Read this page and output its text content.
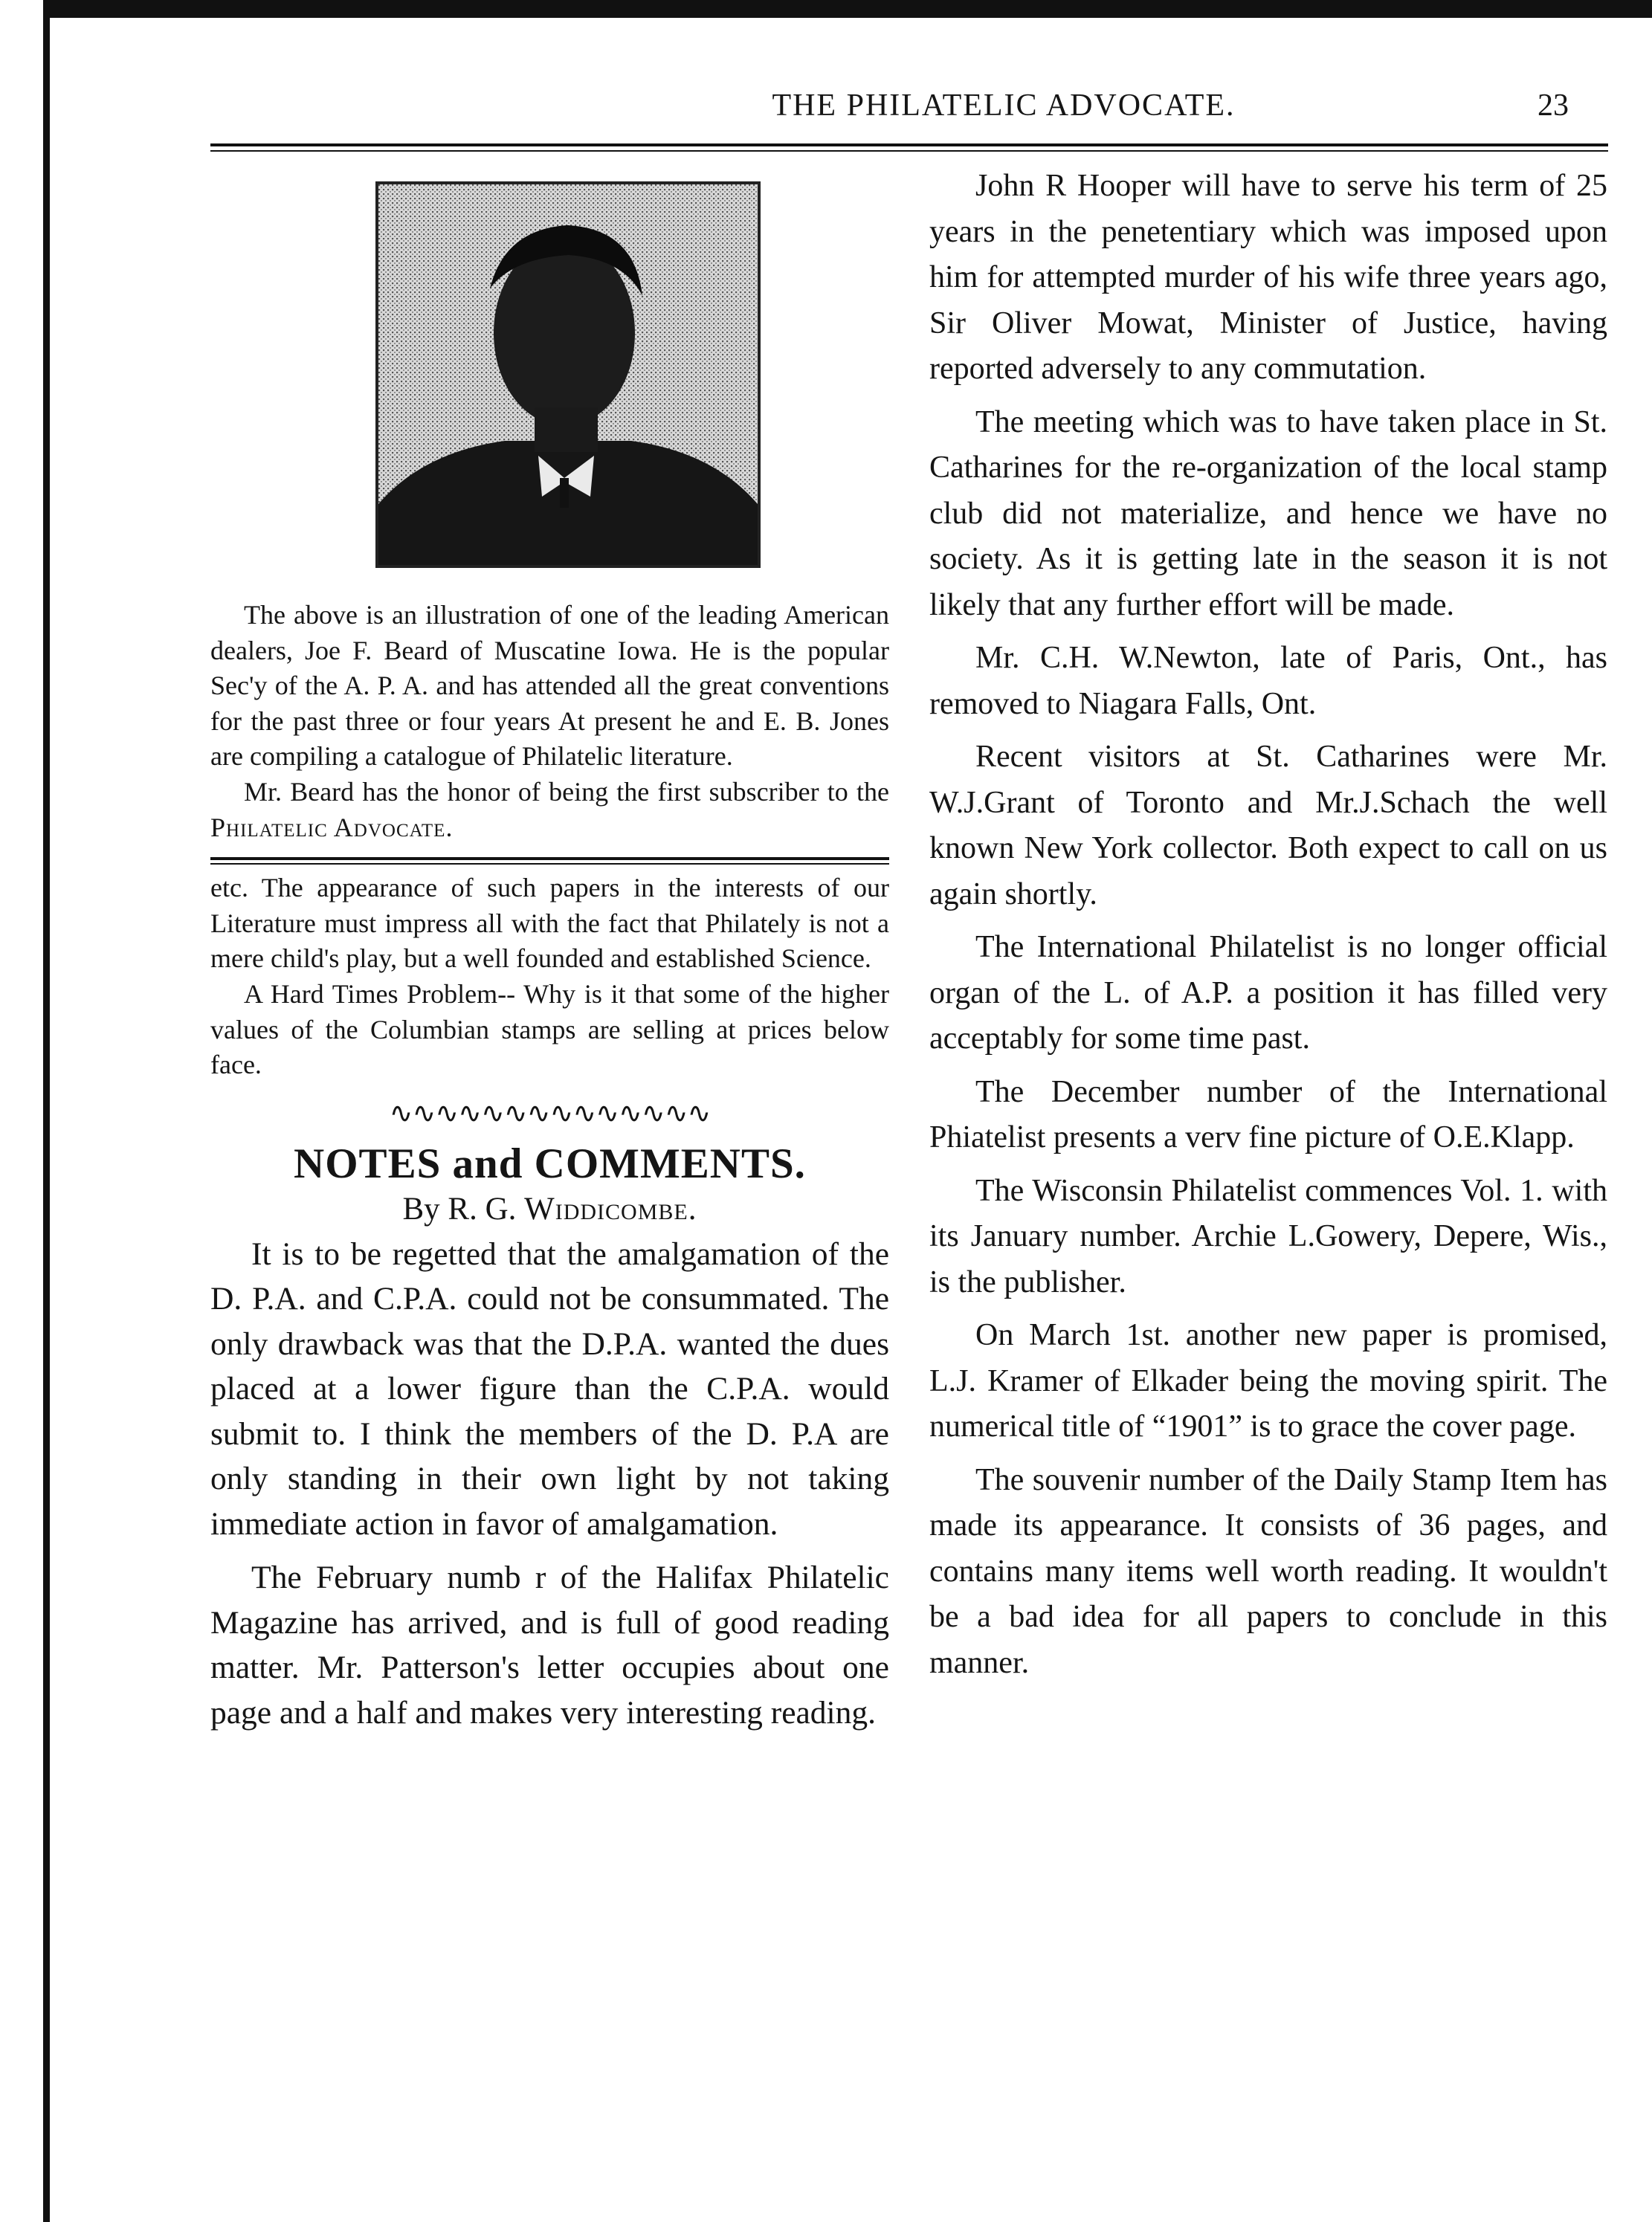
THE PHILATELIC ADVOCATE.	23

The above is an illustration of one of the leading American dealers, Joe F. Beard of Muscatine Iowa. He is the popular Sec'y of the A. P. A. and has attended all the great conventions for the past three or four years At present he and E. B. Jones are compiling a catalogue of Philatelic literature.

Mr. Beard has the honor of being the first subscriber to the Philatelic Advocate.

etc. The appearance of such papers in the interests of our Literature must impress all with the fact that Philately is not a mere child's play, but a well founded and established Science.

A Hard Times Problem-- Why is it that some of the higher values of the Columbian stamps are selling at prices below face.

∿∿∿∿∿∿∿∿∿∿∿∿∿∿
NOTES and COMMENTS.
By R. G. Widdicombe.

It is to be regetted that the amalgamation of the D. P.A. and C.P.A. could not be consummated. The only drawback was that the D.P.A. wanted the dues placed at a lower figure than the C.P.A. would submit to. I think the members of the D. P.A are only standing in their own light by not taking immediate action in favor of amalgamation.

The February numb r of the Halifax Philatelic Magazine has arrived, and is full of good reading matter. Mr. Patterson's letter occupies about one page and a half and makes very interesting reading.

John R Hooper will have to serve his term of 25 years in the penetentiary which was imposed upon him for attempted murder of his wife three years ago, Sir Oliver Mowat, Minister of Justice, having reported adversely to any commutation.

The meeting which was to have taken place in St. Catharines for the re-organization of the local stamp club did not materialize, and hence we have no society. As it is getting late in the season it is not likely that any further effort will be made.

Mr. C.H. W.Newton, late of Paris, Ont., has removed to Niagara Falls, Ont.

Recent visitors at St. Catharines were Mr. W.J.Grant of Toronto and Mr.J.Schach the well known New York collector. Both expect to call on us again shortly.

The International Philatelist is no longer official organ of the L. of A.P. a position it has filled very acceptably for some time past.

The December number of the International Phiatelist presents a verv fine picture of O.E.Klapp.

The Wisconsin Philatelist commences Vol. 1. with its January number. Archie L.Gowery, Depere, Wis., is the publisher.

On March 1st. another new paper is promised, L.J. Kramer of Elkader being the moving spirit. The numerical title of “1901” is to grace the cover page.

The souvenir number of the Daily Stamp Item has made its appearance. It consists of 36 pages, and contains many items well worth reading. It wouldn't be a bad idea for all papers to conclude in this manner.
